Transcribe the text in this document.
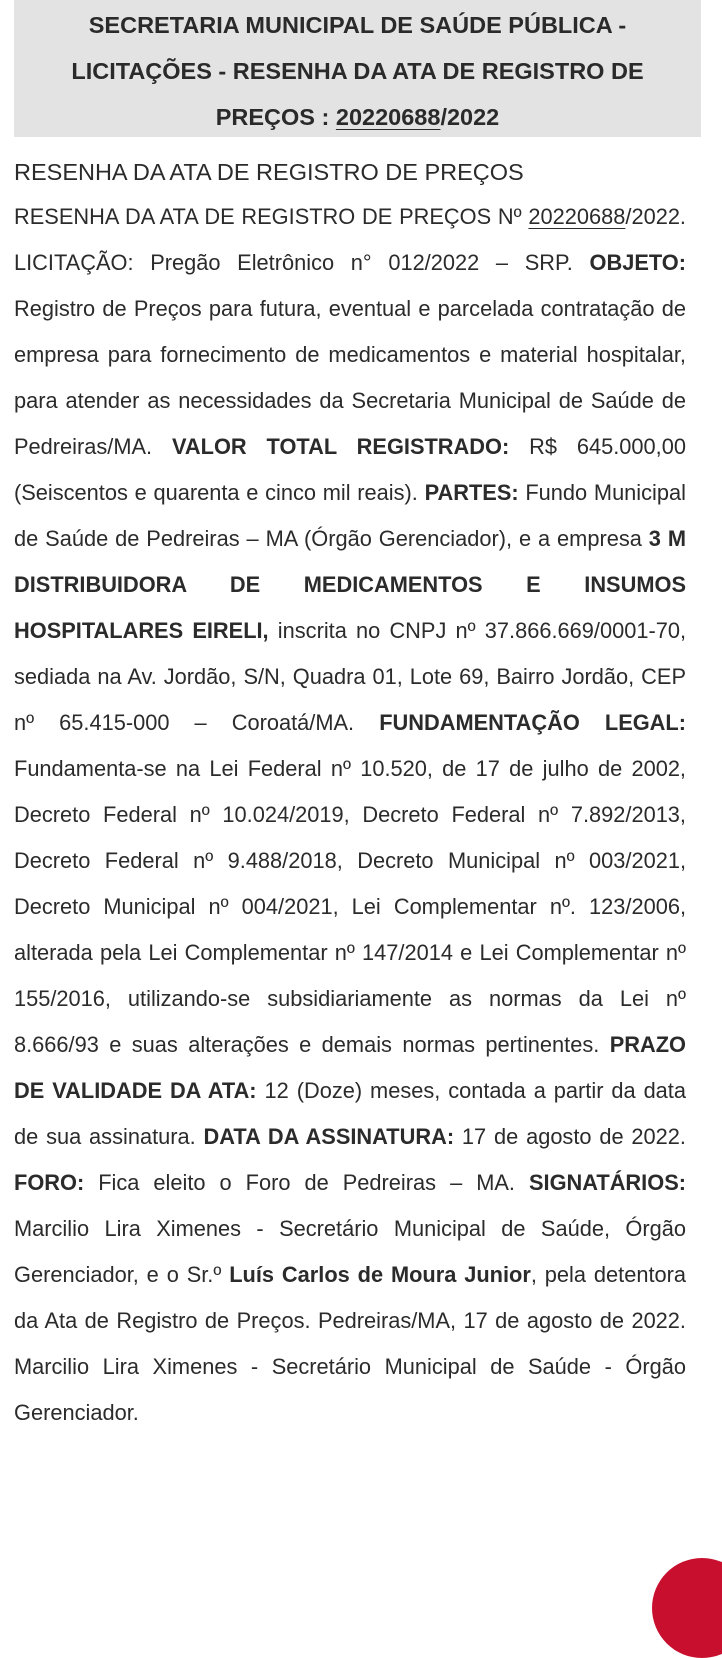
SECRETARIA MUNICIPAL DE SAÚDE PÚBLICA -
LICITAÇÕES - RESENHA DA ATA DE REGISTRO DE
PREÇOS : 20220688/2022
RESENHA DA ATA DE REGISTRO DE PREÇOS
RESENHA DA ATA DE REGISTRO DE PREÇOS Nº 20220688/2022. LICITAÇÃO: Pregão Eletrônico n° 012/2022 – SRP. OBJETO: Registro de Preços para futura, eventual e parcelada contratação de empresa para fornecimento de medicamentos e material hospitalar, para atender as necessidades da Secretaria Municipal de Saúde de Pedreiras/MA. VALOR TOTAL REGISTRADO: R$ 645.000,00 (Seiscentos e quarenta e cinco mil reais). PARTES: Fundo Municipal de Saúde de Pedreiras – MA (Órgão Gerenciador), e a empresa 3 M DISTRIBUIDORA DE MEDICAMENTOS E INSUMOS HOSPITALARES EIRELI, inscrita no CNPJ nº 37.866.669/0001-70, sediada na Av. Jordão, S/N, Quadra 01, Lote 69, Bairro Jordão, CEP nº 65.415-000 – Coroatá/MA. FUNDAMENTAÇÃO LEGAL: Fundamenta-se na Lei Federal nº 10.520, de 17 de julho de 2002, Decreto Federal nº 10.024/2019, Decreto Federal nº 7.892/2013, Decreto Federal nº 9.488/2018, Decreto Municipal nº 003/2021, Decreto Municipal nº 004/2021, Lei Complementar nº. 123/2006, alterada pela Lei Complementar nº 147/2014 e Lei Complementar nº 155/2016, utilizando-se subsidiariamente as normas da Lei nº 8.666/93 e suas alterações e demais normas pertinentes. PRAZO DE VALIDADE DA ATA: 12 (Doze) meses, contada a partir da data de sua assinatura. DATA DA ASSINATURA: 17 de agosto de 2022. FORO: Fica eleito o Foro de Pedreiras – MA. SIGNATÁRIOS: Marcilio Lira Ximenes - Secretário Municipal de Saúde, Órgão Gerenciador, e o Sr.º Luís Carlos de Moura Junior, pela detentora da Ata de Registro de Preços. Pedreiras/MA, 17 de agosto de 2022. Marcilio Lira Ximenes - Secretário Municipal de Saúde - Órgão Gerenciador.
